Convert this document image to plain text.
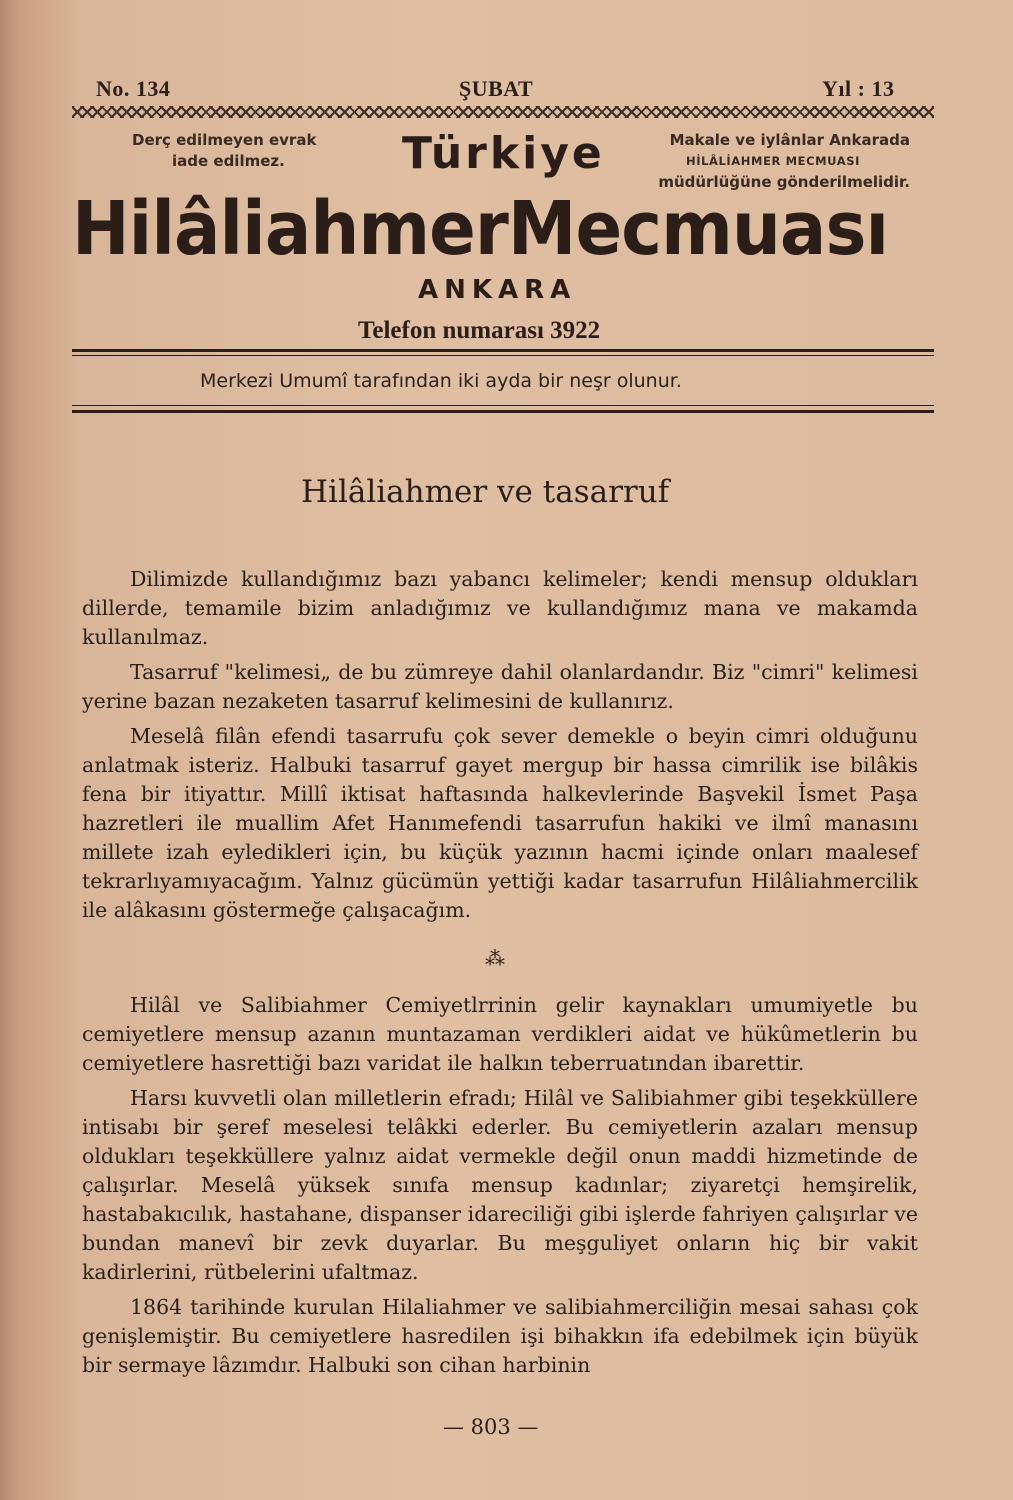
No. 134	ŞUBAT	Yıl : 13
Derç edilmeyen evrak
iade edilmez.
Makale ve iylânlar Ankarada
HİLÂLİAHMER MECMUASI
müdürlüğüne gönderilmelidir.
Türkiye
HilâliahmerMecmuası
ANKARA
Telefon numarası 3922
Merkezi Umumî tarafından iki ayda bir neşr olunur.
Hilâliahmer ve tasarruf

Dilimizde kullandığımız bazı yabancı kelimeler; kendi mensup oldukları dillerde, temamile bizim anladığımız ve kullandığımız mana ve makamda kullanılmaz.

Tasarruf "kelimesi„ de bu zümreye dahil olanlardandır. Biz "cimri" kelimesi yerine bazan nezaketen tasarruf kelimesini de kullanırız.

Meselâ filân efendi tasarrufu çok sever demekle o beyin cimri olduğunu anlatmak isteriz. Halbuki tasarruf gayet mergup bir hassa cimrilik ise bilâkis fena bir itiyattır. Millî iktisat haftasında halkevlerinde Başvekil İsmet Paşa hazretleri ile muallim Afet Hanımefendi tasarrufun hakiki ve ilmî manasını millete izah eyledikleri için, bu küçük yazının hacmi içinde onları maalesef tekrarlıyamıyacağım. Yalnız gücümün yettiği kadar tasarrufun Hilâliahmercilik ile alâkasını göstermeğe çalışacağım.

⁂

Hilâl ve Salibiahmer Cemiyetlrrinin gelir kaynakları umumiyetle bu cemiyetlere mensup azanın muntazaman verdikleri aidat ve hükûmetlerin bu cemiyetlere hasrettiği bazı varidat ile halkın teberruatından ibarettir.

Harsı kuvvetli olan milletlerin efradı; Hilâl ve Salibiahmer gibi teşekküllere intisabı bir şeref meselesi telâkki ederler. Bu cemiyetlerin azaları mensup oldukları teşekküllere yalnız aidat vermekle değil onun maddi hizmetinde de çalışırlar. Meselâ yüksek sınıfa mensup kadınlar; ziyaretçi hemşirelik, hastabakıcılık, hastahane, dispanser idareciliği gibi işlerde fahriyen çalışırlar ve bundan manevî bir zevk duyarlar. Bu meşguliyet onların hiç bir vakit kadirlerini, rütbelerini ufaltmaz.

1864 tarihinde kurulan Hilaliahmer ve salibiahmerciliğin mesai sahası çok genişlemiştir. Bu cemiyetlere hasredilen işi bihakkın ifa edebilmek için büyük bir sermaye lâzımdır. Halbuki son cihan harbinin

— 803 —
